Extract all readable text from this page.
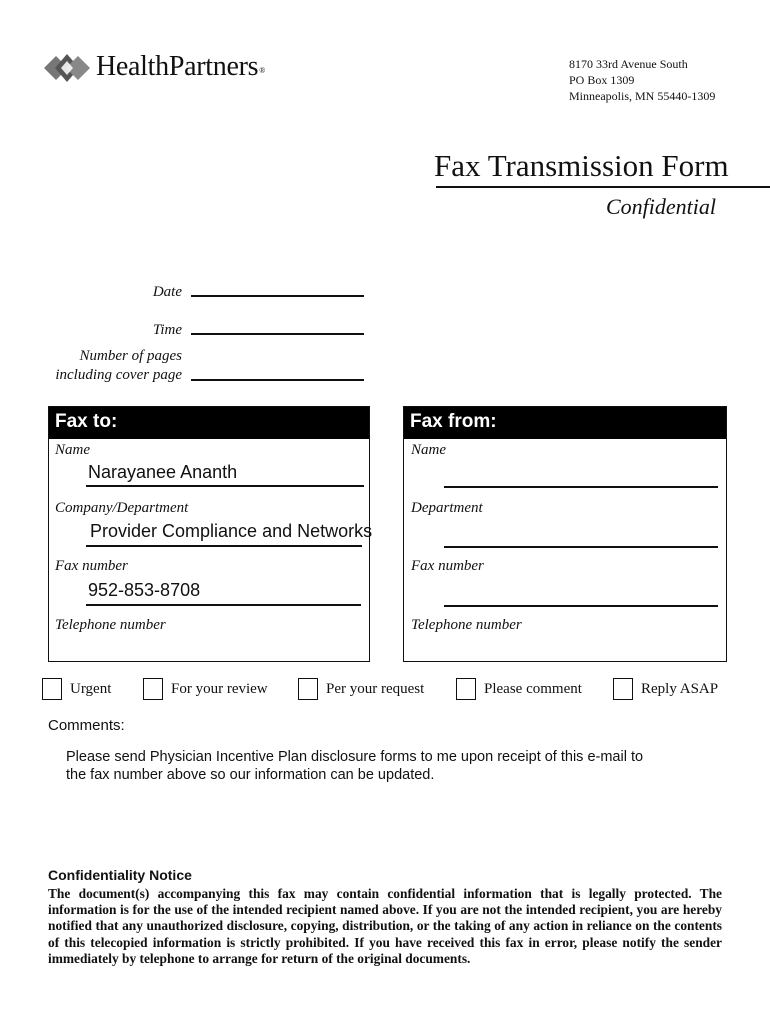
HealthPartners®	8170 33rd Avenue South
PO Box 1309
Minneapolis, MN 55440-1309
Fax Transmission Form
Confidential
Date
Time
Number of pages
including cover page
Fax to:
Name
Narayanee Ananth
Company/Department
Provider Compliance and Networks
Fax number
952-853-8708
Telephone number
Fax from:
Name
Department
Fax number
Telephone number
Urgent	For your review	Per your request	Please comment	Reply ASAP
Comments:
Please send Physician Incentive Plan disclosure forms to me upon receipt of this e-mail to
the fax number above so our information can be updated.
Confidentiality Notice
The document(s) accompanying this fax may contain confidential information that is legally protected. The information is for the use of the intended recipient named above. If you are not the intended recipient, you are hereby notified that any unauthorized disclosure, copying, distribution, or the taking of any action in reliance on the contents of this telecopied information is strictly prohibited. If you have received this fax in error, please notify the sender immediately by telephone to arrange for return of the original documents.
